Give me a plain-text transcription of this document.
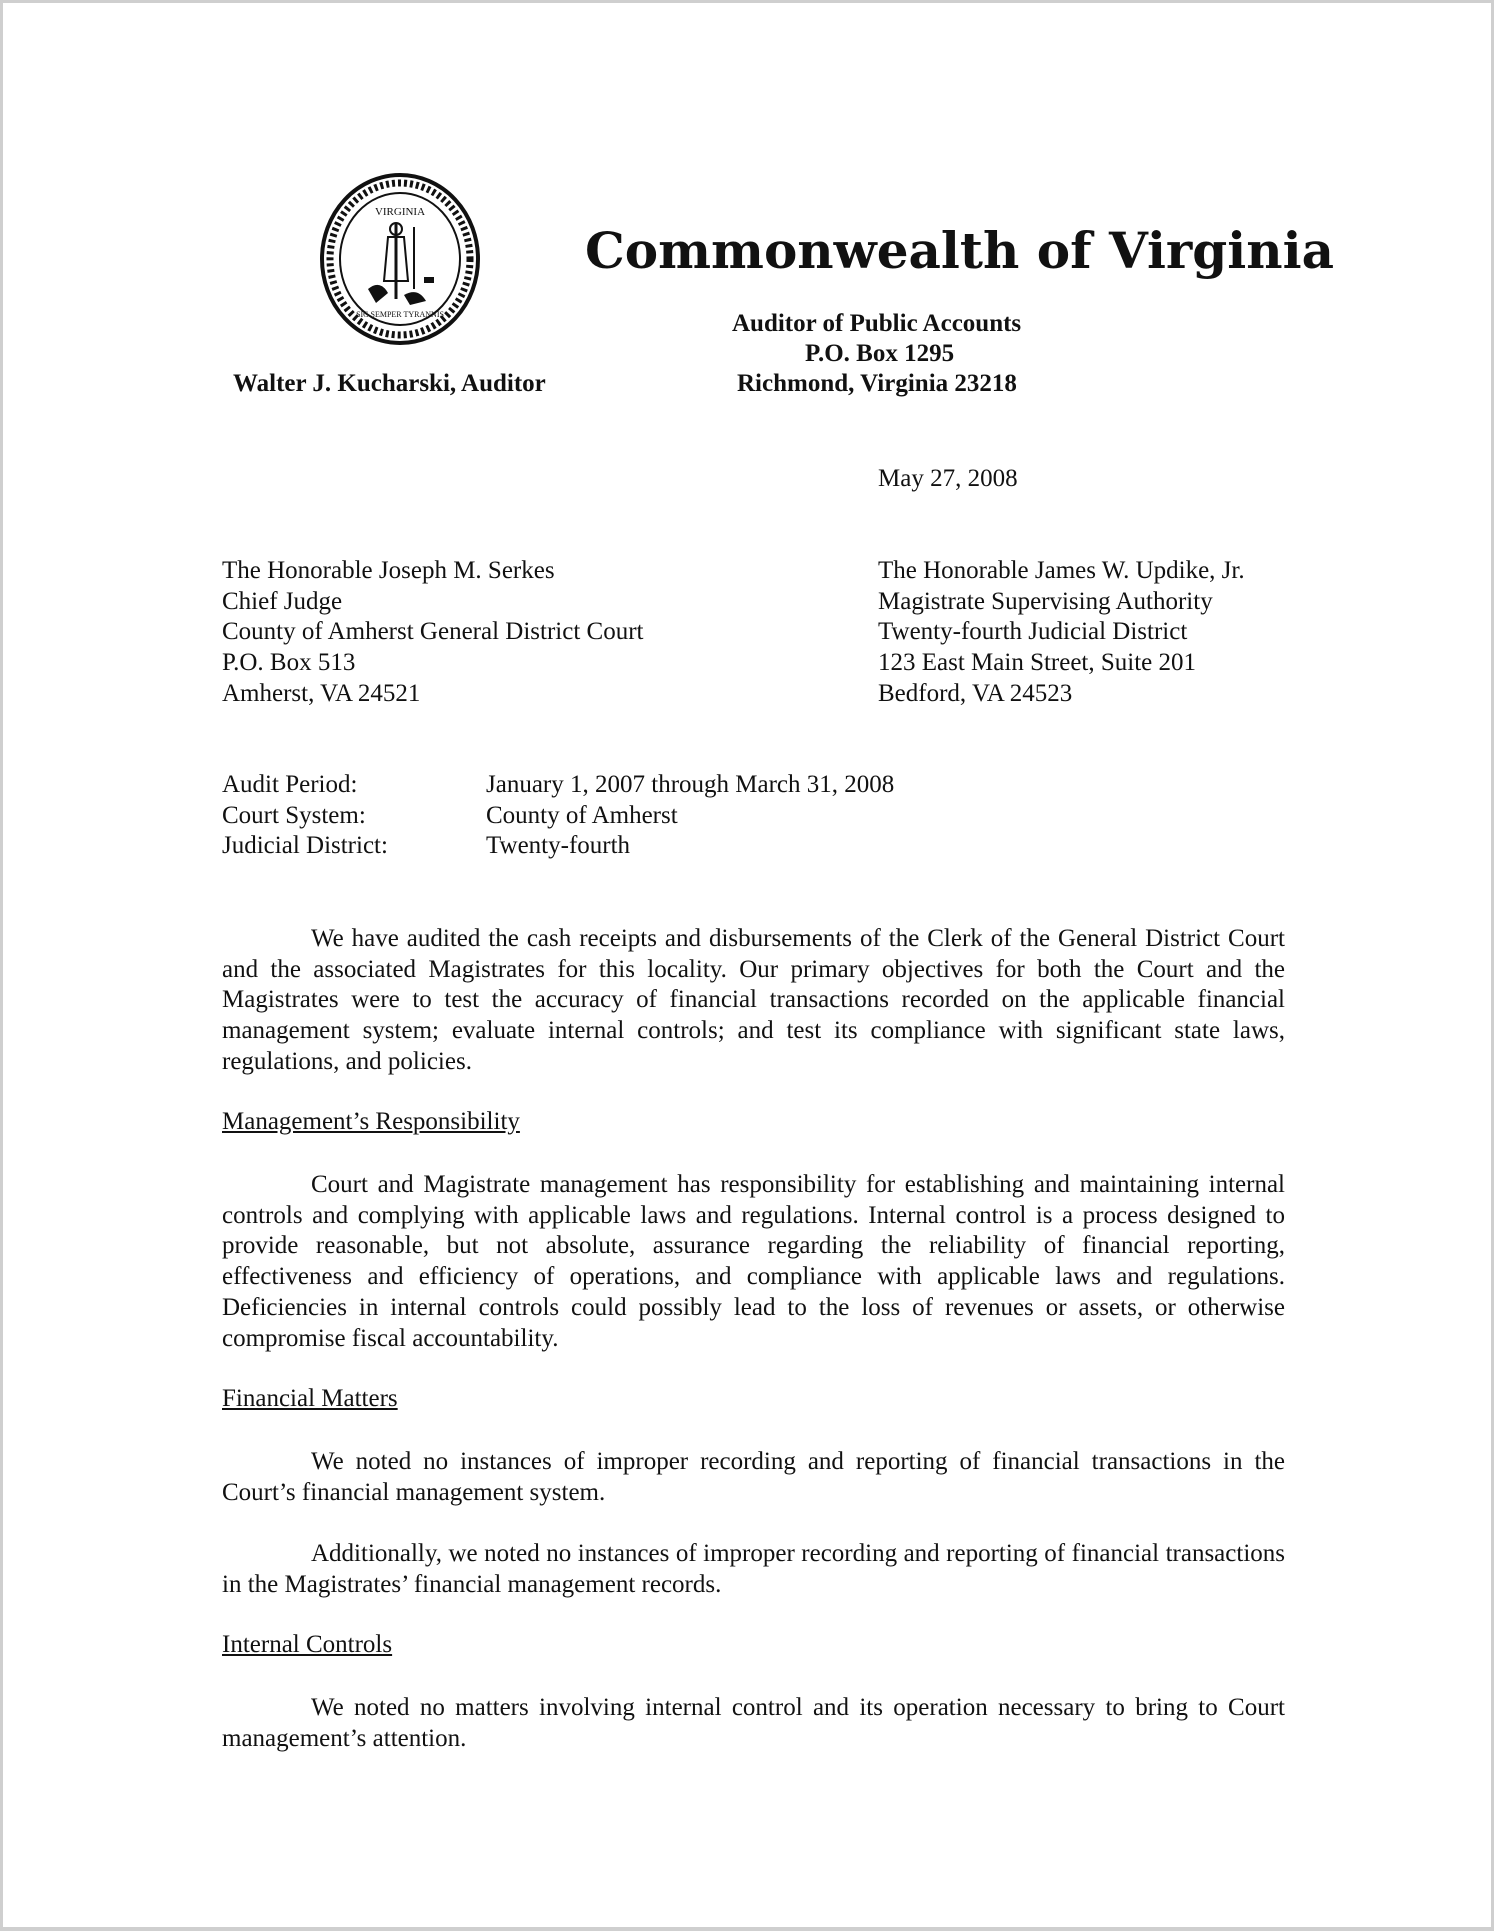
VIRGINIA
SIC SEMPER TYRANNIS
Commonwealth of Virginia
Auditor of Public Accounts
P.O. Box 1295
Richmond, Virginia 23218
Walter J. Kucharski, Auditor
May 27, 2008
The Honorable Joseph M. Serkes
Chief Judge
County of Amherst General District Court
P.O. Box 513
Amherst, VA 24521
The Honorable James W. Updike, Jr.
Magistrate Supervising Authority
Twenty-fourth Judicial District
123 East Main Street, Suite 201
Bedford, VA 24523
Audit Period:	January 1, 2007 through March 31, 2008
Court System:	County of Amherst
Judicial District:	Twenty-fourth
We have audited the cash receipts and disbursements of the Clerk of the General District Court and the associated Magistrates for this locality. Our primary objectives for both the Court and the Magistrates were to test the accuracy of financial transactions recorded on the applicable financial management system; evaluate internal controls; and test its compliance with significant state laws, regulations, and policies.
Management’s Responsibility
Court and Magistrate management has responsibility for establishing and maintaining internal controls and complying with applicable laws and regulations. Internal control is a process designed to provide reasonable, but not absolute, assurance regarding the reliability of financial reporting, effectiveness and efficiency of operations, and compliance with applicable laws and regulations. Deficiencies in internal controls could possibly lead to the loss of revenues or assets, or otherwise compromise fiscal accountability.
Financial Matters
We noted no instances of improper recording and reporting of financial transactions in the Court’s financial management system.
Additionally, we noted no instances of improper recording and reporting of financial transactions in the Magistrates’ financial management records.
Internal Controls
We noted no matters involving internal control and its operation necessary to bring to Court management’s attention.
